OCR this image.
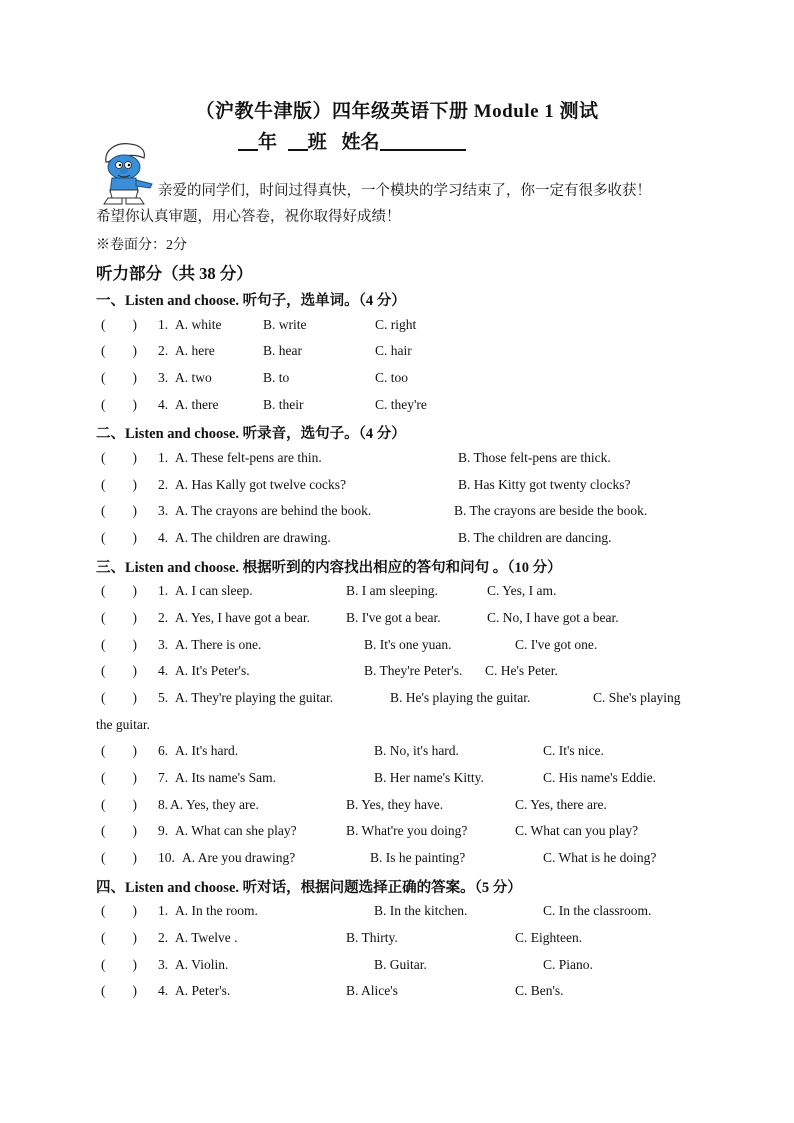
（沪教牛津版）四年级英语下册 Module 1 测试
年 班 姓名
亲爱的同学们，时间过得真快，一个模块的学习结束了，你一定有很多收获！
希望你认真审题，用心答卷，祝你取得好成绩！
※卷面分：2分
听力部分（共 38 分）
一、Listen and choose. 听句子，选单词。（4 分）
(        ) 1. A. white	B. write	C. right
(        ) 2. A. here	B. hear	C. hair
(        ) 3. A. two	B. to	C. too
(        ) 4. A. there	B. their	C. they're
二、Listen and choose. 听录音，选句子。（4 分）
(        ) 1. A. These felt-pens are thin.	B. Those felt-pens are thick.
(        ) 2. A. Has Kally got twelve cocks?	B. Has Kitty got twenty clocks?
(        ) 3. A. The crayons are behind the book.	B. The crayons are beside the book.
(        ) 4. A. The children are drawing.	B. The children are dancing.
三、Listen and choose. 根据听到的内容找出相应的答句和问句 。（10 分）
(        ) 1. A. I can sleep.	B. I am sleeping.	C. Yes, I am.
(        ) 2. A. Yes, I have got a bear.	B. I've got a bear.	C. No, I have got a bear.
(        ) 3. A. There is one.	B. It's one yuan.	C. I've got one.
(        ) 4. A. It's Peter's.	B. They're Peter's. C. He's Peter.
(        ) 5. A. They're playing the guitar.	B. He's playing the guitar.	C. She's playing
the guitar.
(        ) 6. A. It's hard.	B. No, it's hard.	C. It's nice.
(        ) 7. A. Its name's Sam.	B. Her name's Kitty.	C. His name's Eddie.
(        ) 8. A. Yes, they are.	B. Yes, they have.	C. Yes, there are.
(        ) 9. A. What can she play?	B. What're you doing?	C. What can you play?
(        ) 10. A. Are you drawing?	B. Is he painting?	C. What is he doing?
四、Listen and choose. 听对话，根据问题选择正确的答案。（5 分）
(        ) 1. A. In the room.	B. In the kitchen.	C. In the classroom.
(        ) 2. A. Twelve .	B. Thirty.	C. Eighteen.
(        ) 3. A. Violin.	B. Guitar.	C. Piano.
(        ) 4. A. Peter's.	B. Alice's	C. Ben's.
